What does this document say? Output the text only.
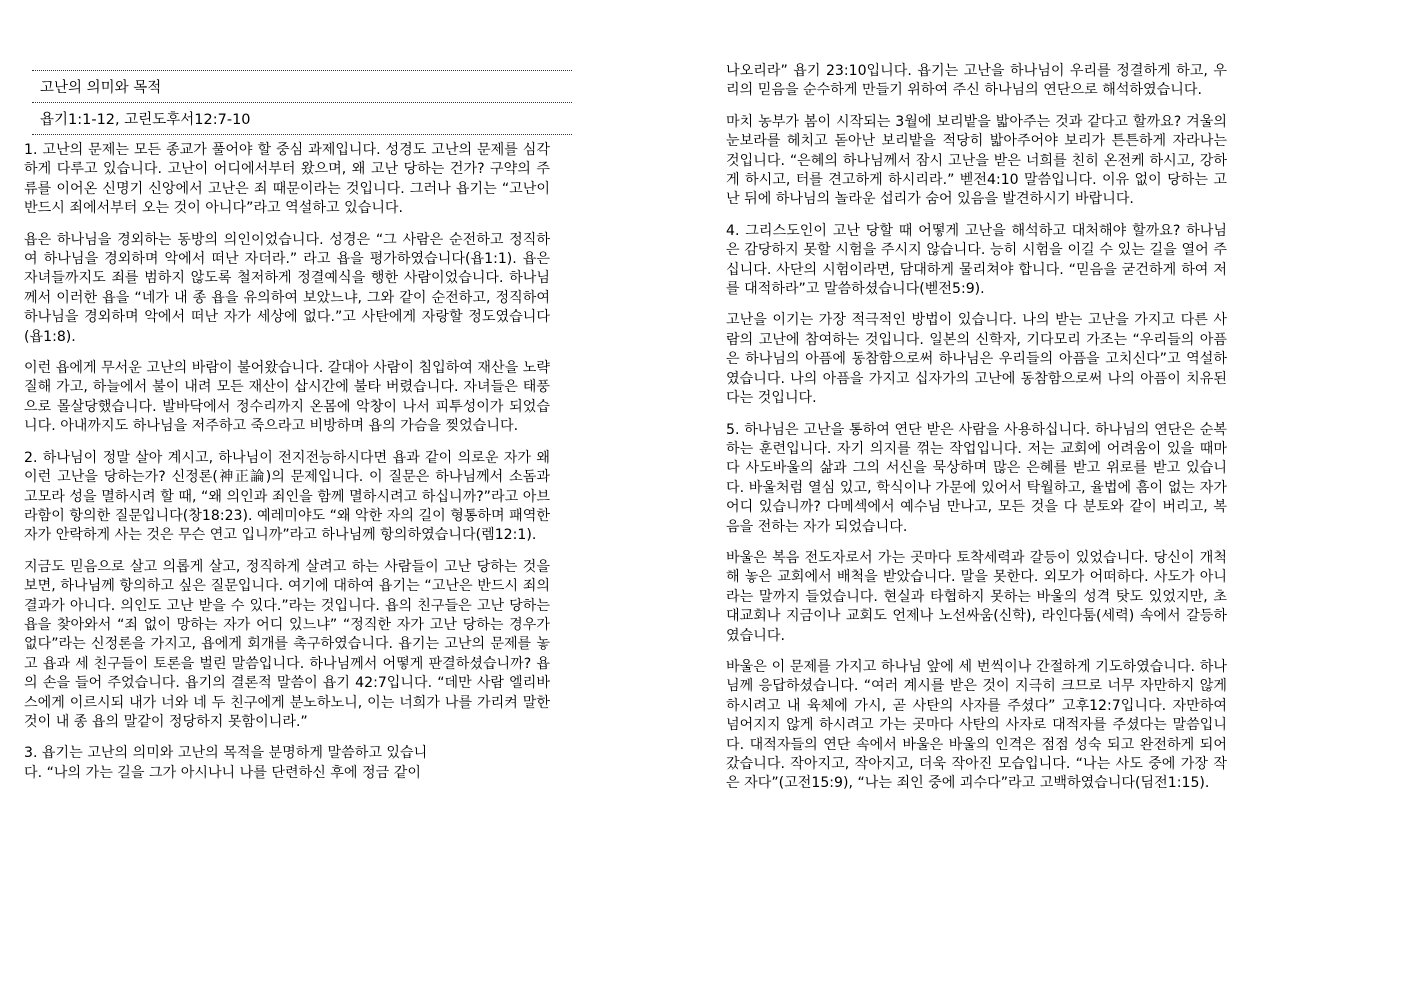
고난의 의미와 목적
욥기1:1-12, 고린도후서12:7-10

1. 고난의 문제는 모든 종교가 풀어야 할 중심 과제입니다. 성경도 고난의 문제를 심각하게 다루고 있습니다. 고난이 어디에서부터 왔으며, 왜 고난 당하는 건가? 구약의 주류를 이어온 신명기 신앙에서 고난은 죄 때문이라는 것입니다. 그러나 욥기는 “고난이 반드시 죄에서부터 오는 것이 아니다”라고 역설하고 있습니다.

욥은 하나님을 경외하는 동방의 의인이었습니다. 성경은 “그 사람은 순전하고 정직하여 하나님을 경외하며 악에서 떠난 자더라.” 라고 욥을 평가하였습니다(욥1:1). 욥은 자녀들까지도 죄를 범하지 않도록 철저하게 정결예식을 행한 사람이었습니다. 하나님께서 이러한 욥을 “네가 내 종 욥을 유의하여 보았느냐, 그와 같이 순전하고, 정직하여 하나님을 경외하며 악에서 떠난 자가 세상에 없다.”고 사탄에게 자랑할 정도였습니다(욥1:8).

이런 욥에게 무서운 고난의 바람이 불어왔습니다. 갈대아 사람이 침입하여 재산을 노략질해 가고, 하늘에서 불이 내려 모든 재산이 삽시간에 불타 버렸습니다. 자녀들은 태풍으로 몰살당했습니다. 발바닥에서 정수리까지 온몸에 악창이 나서 피투성이가 되었습니다. 아내까지도 하나님을 저주하고 죽으라고 비방하며 욥의 가슴을 찢었습니다.

2. 하나님이 정말 살아 계시고, 하나님이 전지전능하시다면 욥과 같이 의로운 자가 왜 이런 고난을 당하는가? 신정론(神正論)의 문제입니다. 이 질문은 하나님께서 소돔과 고모라 성을 멸하시려 할 때, “왜 의인과 죄인을 함께 멸하시려고 하십니까?”라고 아브라함이 항의한 질문입니다(창18:23). 예레미야도 “왜 악한 자의 길이 형통하며 패역한 자가 안락하게 사는 것은 무슨 연고 입니까”라고 하나님께 항의하였습니다(렘12:1).

지금도 믿음으로 살고 의롭게 살고, 정직하게 살려고 하는 사람들이 고난 당하는 것을 보면, 하나님께 항의하고 싶은 질문입니다. 여기에 대하여 욥기는 “고난은 반드시 죄의 결과가 아니다. 의인도 고난 받을 수 있다.”라는 것입니다. 욥의 친구들은 고난 당하는 욥을 찾아와서 “죄 없이 망하는 자가 어디 있느냐” “정직한 자가 고난 당하는 경우가 없다”라는 신정론을 가지고, 욥에게 회개를 촉구하였습니다. 욥기는 고난의 문제를 놓고 욥과 세 친구들이 토론을 벌린 말씀입니다. 하나님께서 어떻게 판결하셨습니까? 욥의 손을 들어 주었습니다. 욥기의 결론적 말씀이 욥기 42:7입니다. “데만 사람 엘리바스에게 이르시되 내가 너와 네 두 친구에게 분노하노니, 이는 너희가 나를 가리켜 말한 것이 내 종 욥의 말같이 정당하지 못함이니라.”

3. 욥기는 고난의 의미와 고난의 목적을 분명하게 말씀하고 있습니
다. “나의 가는 길을 그가 아시나니 나를 단련하신 후에 정금 같이

나오리라” 욥기 23:10입니다. 욥기는 고난을 하나님이 우리를 정결하게 하고, 우리의 믿음을 순수하게 만들기 위하여 주신 하나님의 연단으로 해석하였습니다.

마치 농부가 봄이 시작되는 3월에 보리밭을 밟아주는 것과 같다고 할까요? 겨울의 눈보라를 헤치고 돋아난 보리밭을 적당히 밟아주어야 보리가 튼튼하게 자라나는 것입니다. “은혜의 하나님께서 잠시 고난을 받은 너희를 친히 온전케 하시고, 강하게 하시고, 터를 견고하게 하시리라.” 벧전4:10 말씀입니다. 이유 없이 당하는 고난 뒤에 하나님의 놀라운 섭리가 숨어 있음을 발견하시기 바랍니다.

4. 그리스도인이 고난 당할 때 어떻게 고난을 해석하고 대처해야 할까요? 하나님은 감당하지 못할 시험을 주시지 않습니다. 능히 시험을 이길 수 있는 길을 열어 주십니다. 사단의 시험이라면, 담대하게 물리쳐야 합니다. “믿음을 굳건하게 하여 저를 대적하라”고 말씀하셨습니다(벧전5:9).

고난을 이기는 가장 적극적인 방법이 있습니다. 나의 받는 고난을 가지고 다른 사람의 고난에 참여하는 것입니다. 일본의 신학자, 기다모리 가조는 “우리들의 아픔은 하나님의 아픔에 동참함으로써 하나님은 우리들의 아픔을 고치신다”고 역설하였습니다. 나의 아픔을 가지고 십자가의 고난에 동참함으로써 나의 아픔이 치유된다는 것입니다.

5. 하나님은 고난을 통하여 연단 받은 사람을 사용하십니다. 하나님의 연단은 순복하는 훈련입니다. 자기 의지를 꺾는 작업입니다. 저는 교회에 어려움이 있을 때마다 사도바울의 삶과 그의 서신을 묵상하며 많은 은혜를 받고 위로를 받고 있습니다. 바울처럼 열심 있고, 학식이나 가문에 있어서 탁월하고, 율법에 흠이 없는 자가 어디 있습니까? 다메섹에서 예수님 만나고, 모든 것을 다 분토와 같이 버리고, 복음을 전하는 자가 되었습니다.

바울은 복음 전도자로서 가는 곳마다 토착세력과 갈등이 있었습니다. 당신이 개척해 놓은 교회에서 배척을 받았습니다. 말을 못한다. 외모가 어떠하다. 사도가 아니라는 말까지 들었습니다. 현실과 타협하지 못하는 바울의 성격 탓도 있었지만, 초대교회나 지금이나 교회도 언제나 노선싸움(신학), 라인다툼(세력) 속에서 갈등하였습니다.

바울은 이 문제를 가지고 하나님 앞에 세 번씩이나 간절하게 기도하였습니다. 하나님께 응답하셨습니다. “여러 계시를 받은 것이 지극히 크므로 너무 자만하지 않게 하시려고 내 육체에 가시, 곧 사탄의 사자를 주셨다” 고후12:7입니다. 자만하여 넘어지지 않게 하시려고 가는 곳마다 사탄의 사자로 대적자를 주셨다는 말씀입니다. 대적자들의 연단 속에서 바울은 바울의 인격은 점점 성숙 되고 완전하게 되어 갔습니다. 작아지고, 작아지고, 더욱 작아진 모습입니다. “나는 사도 중에 가장 작은 자다”(고전15:9), “나는 죄인 중에 괴수다”라고 고백하였습니다(딤전1:15).
